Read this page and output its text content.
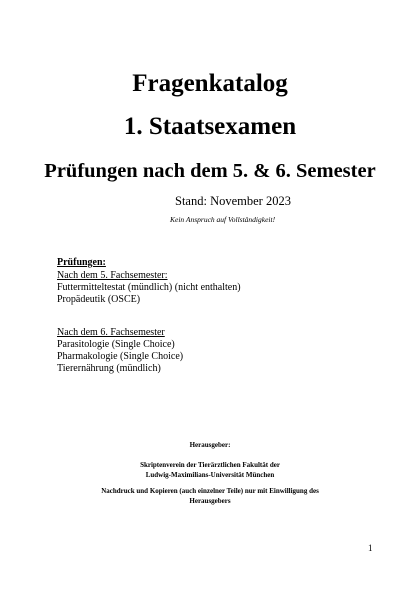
Fragenkatalog
1. Staatsexamen
Prüfungen nach dem 5. & 6. Semester
Stand: November 2023
Kein Anspruch auf Vollständigkeit!
Prüfungen:
Nach dem 5. Fachsemester:
Futtermitteltestat (mündlich) (nicht enthalten)
Propädeutik (OSCE)
Nach dem 6. Fachsemester
Parasitologie (Single Choice)
Pharmakologie (Single Choice)
Tierernährung (mündlich)
Herausgeber:
Skriptenverein der Tierärztlichen Fakultät der
Ludwig-Maximilians-Universität München
Nachdruck und Kopieren (auch einzelner Teile) nur mit Einwilligung des
Herausgebers
1
